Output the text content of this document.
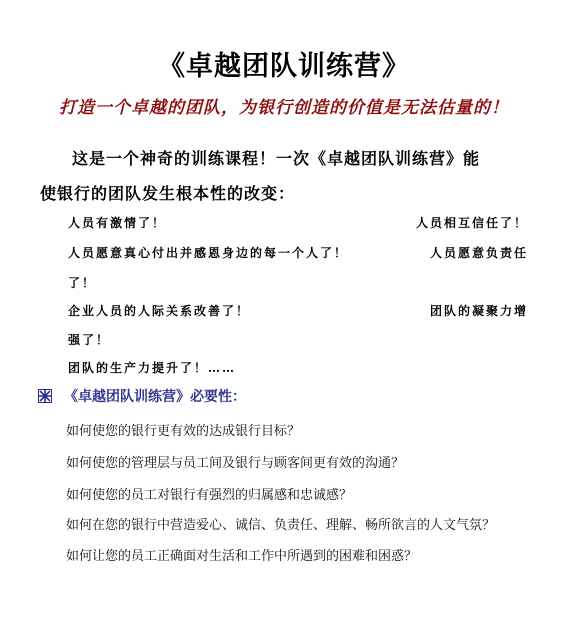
《卓越团队训练营》
打造一个卓越的团队，为银行创造的价值是无法估量的！
这是一个神奇的训练课程！一次《卓越团队训练营》能
使银行的团队发生根本性的改变：
人员有激情了！	人员相互信任了！
人员愿意真心付出并感恩身边的每一个人了！	人员愿意负责任
了！
企业人员的人际关系改善了！	团队的凝聚力增
强了！
团队的生产力提升了！……
《卓越团队训练营》必要性：
如何使您的银行更有效的达成银行目标？
如何使您的管理层与员工间及银行与顾客间更有效的沟通？
如何使您的员工对银行有强烈的归属感和忠诚感？
如何在您的银行中营造爱心、诚信、负责任、理解、畅所欲言的人文气氛？
如何让您的员工正确面对生活和工作中所遇到的困难和困惑？
